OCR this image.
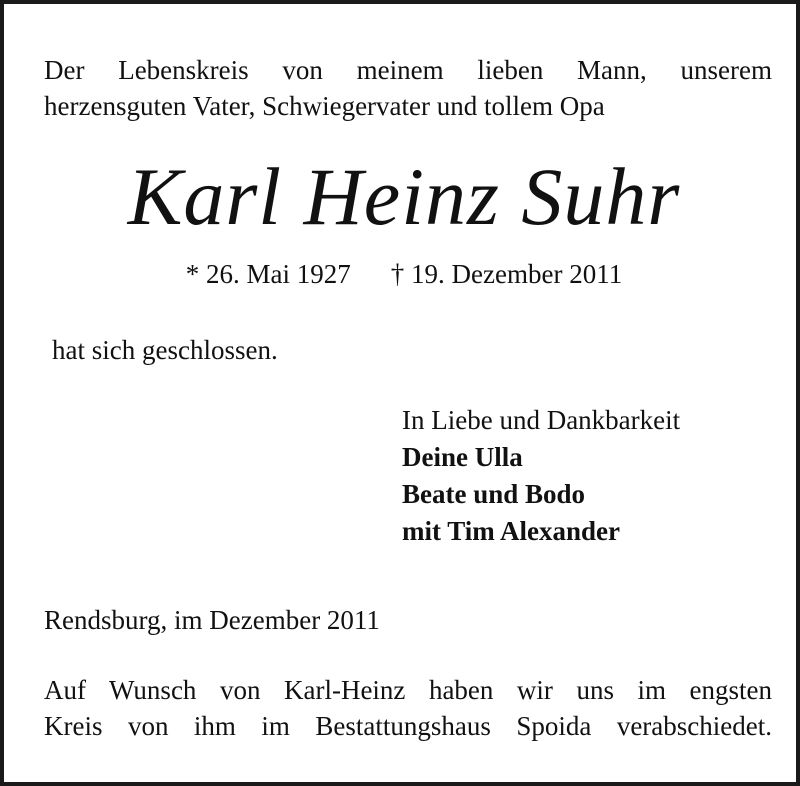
Der Lebenskreis von meinem lieben Mann, unserem
herzensguten Vater, Schwiegervater und tollem Opa
Karl Heinz Suhr
* 26. Mai 1927 † 19. Dezember 2011
hat sich geschlossen.
In Liebe und Dankbarkeit
Deine Ulla
Beate und Bodo
mit Tim Alexander
Rendsburg, im Dezember 2011
Auf Wunsch von Karl-Heinz haben wir uns im engsten
Kreis von ihm im Bestattungshaus Spoida verabschiedet.
